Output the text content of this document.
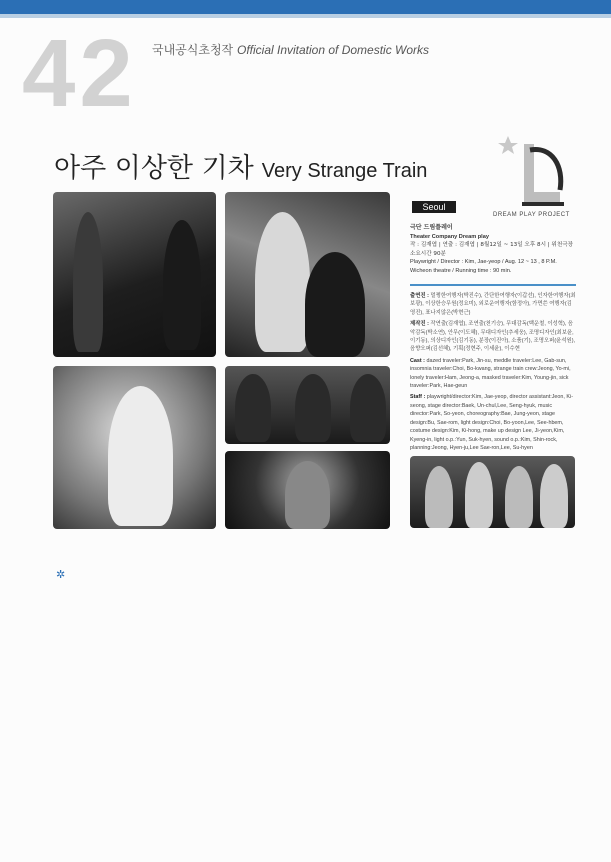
42 국내공식초청작 Official Invitation of Domestic Works
아주 이상한 기차 Very Strange Train
DREAM PLAY PROJECT
Seoul
극단 드림플레이
Theater Company Dream play
작 : 김재엽 | 연출 : 김재엽 | 8월12일 ~ 13일 오후 8시 | 위천극장
소요시간 90분
Playwright / Director : Kim, Jae-yeop / Aug. 12 ~ 13 , 8 P.M.
Wicheon theatre / Running time : 90 min.

출연진 : 멀쩡한여행자(박진수), 간단한여행자(이갑선), 인자한여행자(최보광), 이상한승무원(정요미), 외로운여행자(함정아), 가면쓴 여행자(김영진), 표나지않은(박현근)

제작진 : 작연출(김재엽), 조연출(천기승), 무대감독(백운철, 이성혁), 음악감독(박소연), 안무(이도혜), 무대디자인(추세웅), 조명디자인(최보윤, 이기동), 의상디자인(김기동), 분장(이진아), 소품(기), 조명오퍼(윤석원), 음향오퍼(김선혜), 기획(정현주, 이세윤), 이수현

Cast : dazed traveler:Park, Jin-su, meddle traveler:Lee, Gab-sun, insomnia traveler:Choi, Bo-kwang, strange train crew:Jeong, Yo-mi, lonely traveler:Ham, Jeong-a, masked traveler:Kim, Young-jin, sick traveler:Park, Hae-geun

Staff : playwright/director:Kim, Jae-yeop, director assistant:Jeon, Ki-seong, stage director:Baek, Un-chul,Lee, Seng-hyuk, music director:Park, So-yeon, choreography:Bae, Jung-yeon, stage design:Bu, Sae-rom, light design:Choi, Bo-yoon,Lee, See-hbem, costume design:Kim, Ki-hong, make up design Lee, Ji-yeon,Kim, Kyeng-in, light o.p.:Yun, Suk-hyen, sound o.p.:Kim, Shin-rock, planning:Jeong, Hyen-ju,Lee Sae-ron,Lee, Su-hyen

✲
